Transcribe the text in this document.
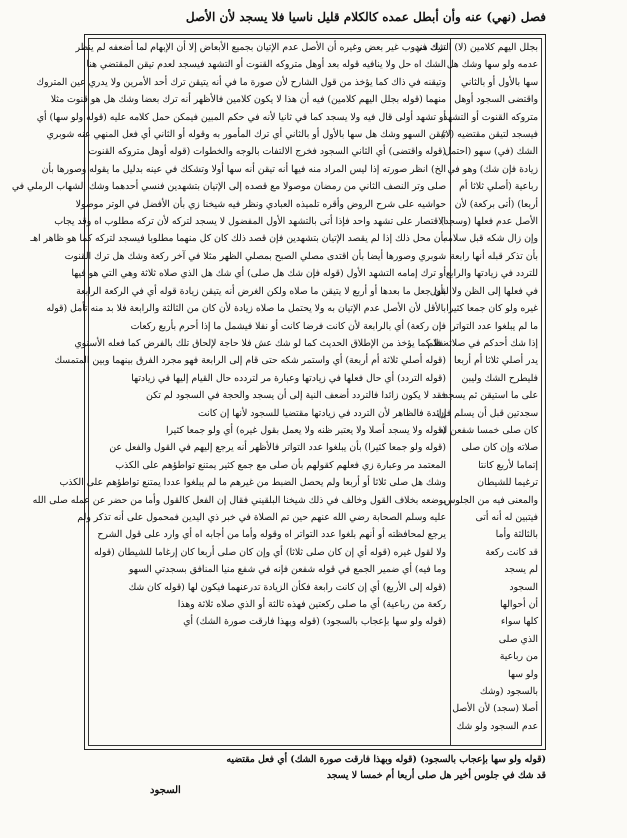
فصل (نهي) عنه وأن أبطل عمده كالكلام قليل ناسيا فلا يسجد لأن الأصل
بجلل اليهم كلامين (لا) الشك في
عدمه ولو سها وشك هل
سها بالأول أو بالثاني
واقتضى السجود أوهل
متروكه القنوت أو التشهد
فيسجد لتيقن مقتضيه (لا)
الشك (في) سهو (احتمل
زيادة فإن شك) وهو في
رباعية (أصلي ثلاثا أم
أربعا) (أتى بركعة) لأن
الأصل عدم فعلها (وسجد)
وإن زال شكه قبل سلامه
بأن تذكر قبله أنها رابعة
للتردد في زيادتها والرابع
في فعلها إلى الظن ولا لقول
غيره ولو كان جمعا كثيرا
ما لم يبلغوا عدد التواتر
إذا شك أحدكم في صلاته فلم
يدر أصلي ثلاثا أم أربعا
فليطرح الشك وليبن
على ما استيقن ثم يسجد
سجدتين قبل أن يسلم فإن
كان صلى خمسا شفعن له
صلاته وإن كان صلى
إتماما لأربع كانتا
ترغيما للشيطان
والمعنى فيه من الجلوس
فيتبين له أنه أتى
بالثالثة وأما
قد كانت ركعة
لم يسجد
السجود
أن أحوالها
كلها سواء
الذي صلى
من رباعية
ولو سها
بالسجود (وشك
أصلا (سجد) لأن الأصل
عدم السجود ولو شك
ترك مندوب غير بعض وغيره أن الأصل عدم الإتيان بجميع الأبعاض إلا أن الإبهام لما أضعفه لم ينظر
الشك اه حل ولا ينافيه قوله بعد أوهل متروكه القنوت أو التشهد فيسجد لعدم تيقن المقتضي هنا
وتيقنه في ذاك كما يؤخذ من قول الشارح لأن صورة ما في أنه يتيقن ترك أحد الأمرين ولا يدري عين المتروك
منهما (قوله بجلل اليهم كلامين) فيه أن هذا لا يكون كلامين فالأظهر أنه ترك بعضا وشك هل هو قنوت مثلا
أو تشهد أولى قال فيه ولا يسجد كما في ثانيا لأنه في حكم المبين فيمكن حمل كلامه عليه (قوله ولو سها) أي
تيقن السهو وشك هل سها بالأول أو بالثاني أي ترك المأمور به وقوله أو الثاني أي فعل المنهي عنه شوبري
(قوله واقتضى) أي الثاني السجود فخرج الالتفات بالوجه والخطوات (قوله أوهل متروكه القنوت
الخ) انظر صورته إذا ليس المراد منه فيها أنه تيقن أنه سها أولا وتشكك في عينه بدليل ما يقوله وصورها بأن
صلى وتر النصف الثاني من رمضان موصولا مع قصده إلى الإتيان بتشهدين فنسي أحدهما وشك الشهاب الرملي في
حواشيه على شرح الروض وأقره تلميذه العبادي ونظر فيه شيخنا زي بأن الأفضل في الوتر موصولا
الاقتصار على تشهد واحد فإذا أتى بالتشهد الأول المفضول لا يسجد لتركه لأن تركه مطلوب اه وقد يجاب
بأن محل ذلك إذا لم يقصد الإتيان بتشهدين فإن قصد ذلك كان كل منهما مطلوبا فيسجد لتركه كما هو ظاهر اهـ
شوبري وصورها أيضا بأن اقتدى مصلي الصبح بمصلي الظهر مثلا في آخر ركعة وشك هل ترك القنوت
أو ترك إمامه التشهد الأول (قوله فإن شك هل صلى) أي شك هل الذي صلاه ثلاثة وهي التي هو فيها
بأن جعل ما بعدها أو أربع لا يتيقن ما صلاه ولكن الغرض أنه يتيقن زيادة قوله أي في الركعة الرابعة
بالأقل لأن الأصل عدم الإتيان به ولا يحتمل ما صلاه زيادة لأن كان من الثالثة والرابعة فلا بد منه تأمل (قوله
فإن ركعة) أي بالرابعة لأن كانت فرضا كانت أو نفلا فيشمل ما إذا أحرم بأربع ركعات
نفلا كما يؤخذ من الإطلاق الحديث كما لو شك عش فلا حاجة لإلحاق تلك بالفرض كما فعله الأسنوي
(قوله أصلي ثلاثة أم أربعة) أي واستمر شكه حتى قام إلى الرابعة فهو مجرد الفرق بينهما وبين المتمسك
(قوله التردد) أي حال فعلها في زيادتها وعبارة مر لتردده حال القيام إليها في زيادتها
فقد لا يكون زائدا فالتردد أضعف النية إلى أن يسجد والحجة في السجود لم تكن
زائدة فالظاهر لأن التردد في زيادتها مقتضيا للسجود لأنها إن كانت
(قوله ولا يسجد أصلا ولا يعتبر ظنه ولا يعمل بقول غيره) أي ولو جمعا كثيرا
(قوله ولو جمعا كثيرا) بأن يبلغوا عدد التواتر فالأظهر أنه يرجع إليهم في القول والفعل عن
المعتمد مر وعبارة زي فعلهم كقولهم بأن صلى مع جمع كثير يمتنع تواطؤهم على الكذب
وشك هل صلى ثلاثا أو أربعا ولم يحصل الضبط من غيرهم ما لم يبلغوا عددا يمتنع تواطؤهم على الكذب
بوضعه بخلاف القول وخالف في ذلك شيخنا البلقيني فقال إن الفعل كالقول وأما من حضر عن عمله صلى الله
عليه وسلم الصحابة رضي الله عنهم حين تم الصلاة في خبر ذي اليدين فمحمول على أنه تذكر ولم
يرجع لمحافظته أو أنهم بلغوا عدد التواتر اه وقوله وأما من أجابه اه أي وارد على قول الشرح
ولا لقول غيره (قوله أي إن كان صلى ثلاثا) أي وإن كان صلى أربعا كان إرغاما للشيطان (قوله
وما فيه) أي ضمير الجمع في قوله شفعن فإنه في شفع منيا المنافق بسجدتي السهو
(قوله إلى الأربع) أي إن كانت رابعة فكأن الزيادة تدرعنهما فيكون لها (قوله كان شك
ركعة من رباعية) أي ما صلى ركعتين فهذه ثالثة أو الذي صلاه ثلاثة وهذا
(قوله ولو سها بإعجاب بالسجود) (قوله وبهذا فارقت صورة الشك) أي
(قوله ولو سها بإعجاب بالسجود) (قوله وبهذا فارقت صورة الشك) أي فعل مقتضيه
قد شك في جلوس أخير هل صلى أربعا أم خمسا لا يسجد
السجود
